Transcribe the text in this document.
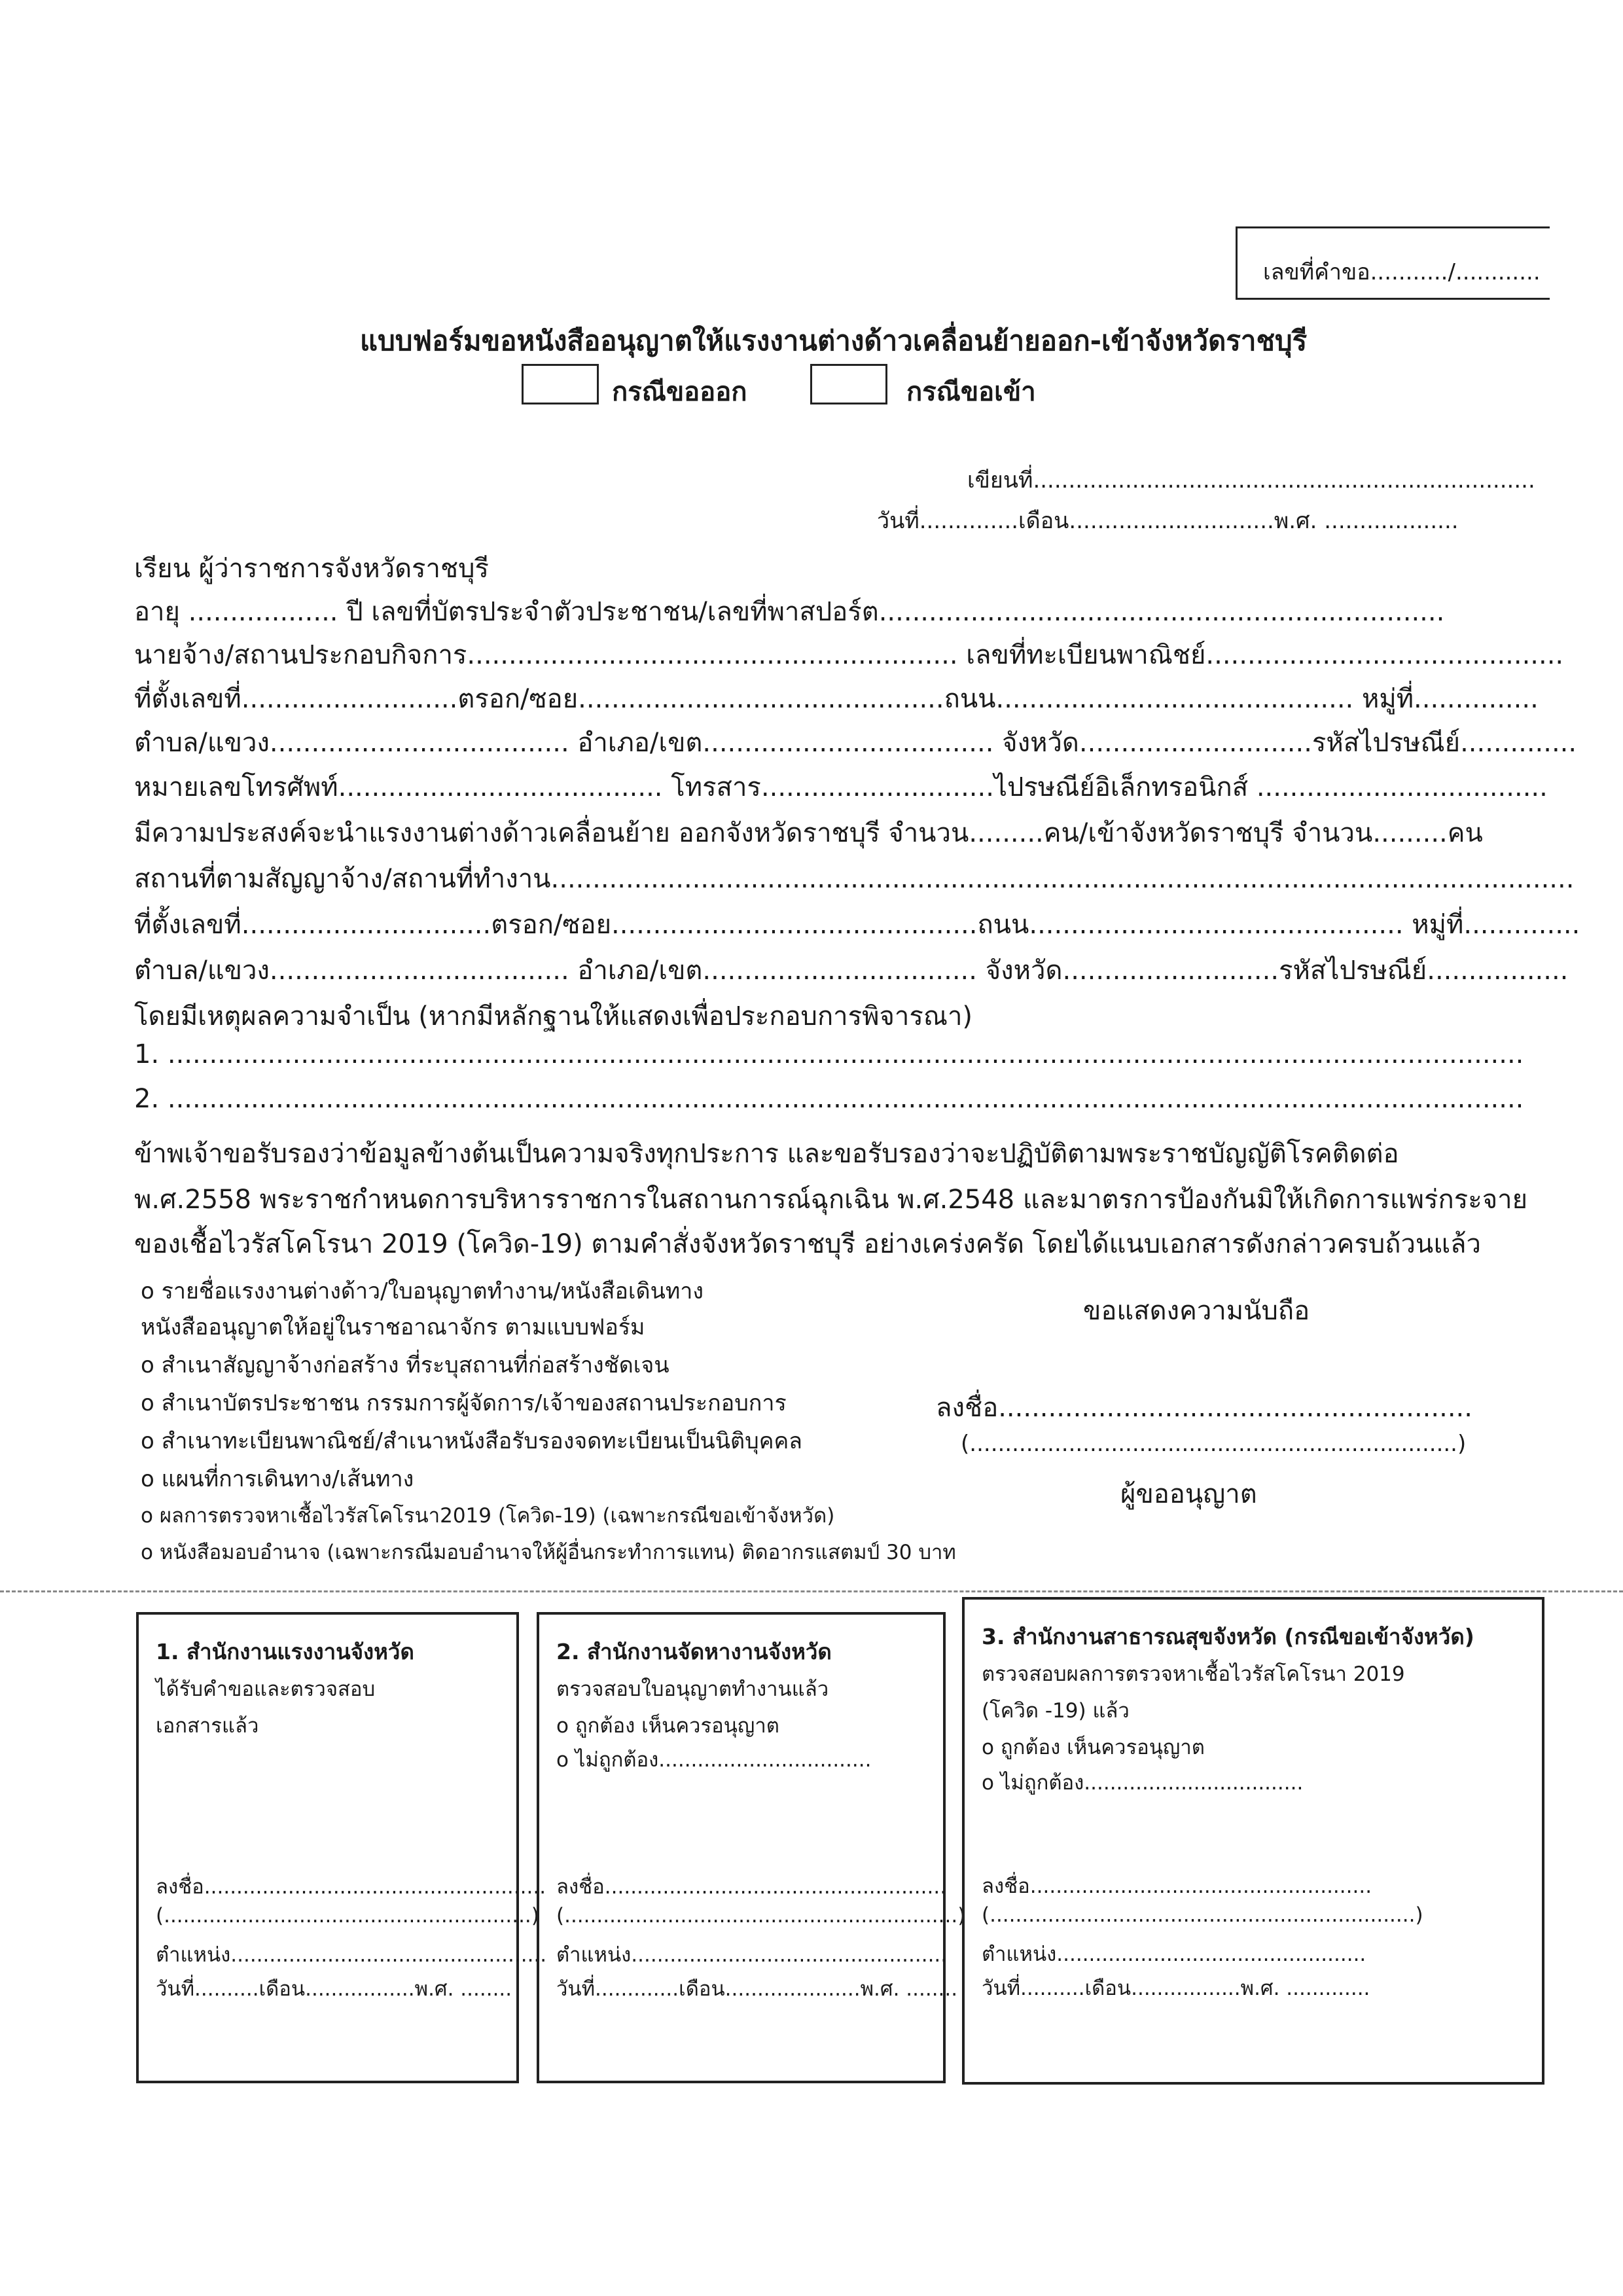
เลขที่คำขอ.........../............
แบบฟอร์มขอหนังสืออนุญาตให้แรงงานต่างด้าวเคลื่อนย้ายออก-เข้าจังหวัดราชบุรี
กรณีขอออก	กรณีขอเข้า
เขียนที่.......................................................................
วันที่..............เดือน.............................พ.ศ. ...................
เรียน ผู้ว่าราชการจังหวัดราชบุรี
อายุ .................. ปี เลขที่บัตรประจำตัวประชาชน/เลขที่พาสปอร์ต....................................................................
นายจ้าง/สถานประกอบกิจการ........................................................... เลขที่ทะเบียนพาณิชย์...........................................
ที่ตั้งเลขที่..........................ตรอก/ซอย............................................ถนน........................................... หมู่ที่...............
ตำบล/แขวง.................................... อำเภอ/เขต................................... จังหวัด............................รหัสไปรษณีย์..............
หมายเลขโทรศัพท์....................................... โทรสาร............................ไปรษณีย์อิเล็กทรอนิกส์ ...................................
มีความประสงค์จะนำแรงงานต่างด้าวเคลื่อนย้าย ออกจังหวัดราชบุรี จำนวน.........คน/เข้าจังหวัดราชบุรี จำนวน.........คน
สถานที่ตามสัญญาจ้าง/สถานที่ทำงาน...........................................................................................................................
ที่ตั้งเลขที่..............................ตรอก/ซอย............................................ถนน............................................. หมู่ที่..............
ตำบล/แขวง.................................... อำเภอ/เขต................................. จังหวัด..........................รหัสไปรษณีย์.................
โดยมีเหตุผลความจำเป็น (หากมีหลักฐานให้แสดงเพื่อประกอบการพิจารณา)
1. ...................................................................................................................................................................
2. ...................................................................................................................................................................
ข้าพเจ้าขอรับรองว่าข้อมูลข้างต้นเป็นความจริงทุกประการ และขอรับรองว่าจะปฏิบัติตามพระราชบัญญัติโรคติดต่อ
พ.ศ.2558 พระราชกำหนดการบริหารราชการในสถานการณ์ฉุกเฉิน พ.ศ.2548 และมาตรการป้องกันมิให้เกิดการแพร่กระจาย
ของเชื้อไวรัสโคโรนา 2019 (โควิด-19) ตามคำสั่งจังหวัดราชบุรี อย่างเคร่งครัด โดยได้แนบเอกสารดังกล่าวครบถ้วนแล้ว
o รายชื่อแรงงานต่างด้าว/ใบอนุญาตทำงาน/หนังสือเดินทาง
หนังสืออนุญาตให้อยู่ในราชอาณาจักร ตามแบบฟอร์ม
o สำเนาสัญญาจ้างก่อสร้าง ที่ระบุสถานที่ก่อสร้างชัดเจน
o สำเนาบัตรประชาชน กรรมการผู้จัดการ/เจ้าของสถานประกอบการ
o สำเนาทะเบียนพาณิชย์/สำเนาหนังสือรับรองจดทะเบียนเป็นนิติบุคคล
o แผนที่การเดินทาง/เส้นทาง
o ผลการตรวจหาเชื้อไวรัสโคโรนา2019 (โควิด-19) (เฉพาะกรณีขอเข้าจังหวัด)
o หนังสือมอบอำนาจ (เฉพาะกรณีมอบอำนาจให้ผู้อื่นกระทำการแทน) ติดอากรแสตมป์ 30 บาท
ขอแสดงความนับถือ
ลงชื่อ.........................................................
(.....................................................................)
ผู้ขออนุญาต
1. สำนักงานแรงงานจังหวัด
ได้รับคำขอและตรวจสอบ
เอกสารแล้ว
ลงชื่อ.....................................................
(.........................................................)
ตำแหน่ง.................................................
วันที่..........เดือน.................พ.ศ. ........
2. สำนักงานจัดหางานจังหวัด
ตรวจสอบใบอนุญาตทำงานแล้ว
o ถูกต้อง เห็นควรอนุญาต
o ไม่ถูกต้อง.................................
ลงชื่อ.....................................................
(.............................................................)
ตำแหน่ง.................................................
วันที่.............เดือน.....................พ.ศ. ........
3. สำนักงานสาธารณสุขจังหวัด (กรณีขอเข้าจังหวัด)
ตรวจสอบผลการตรวจหาเชื้อไวรัสโคโรนา 2019
(โควิด -19) แล้ว
o ถูกต้อง เห็นควรอนุญาต
o ไม่ถูกต้อง..................................
ลงชื่อ.....................................................
(..................................................................)
ตำแหน่ง................................................
วันที่..........เดือน.................พ.ศ. .............
